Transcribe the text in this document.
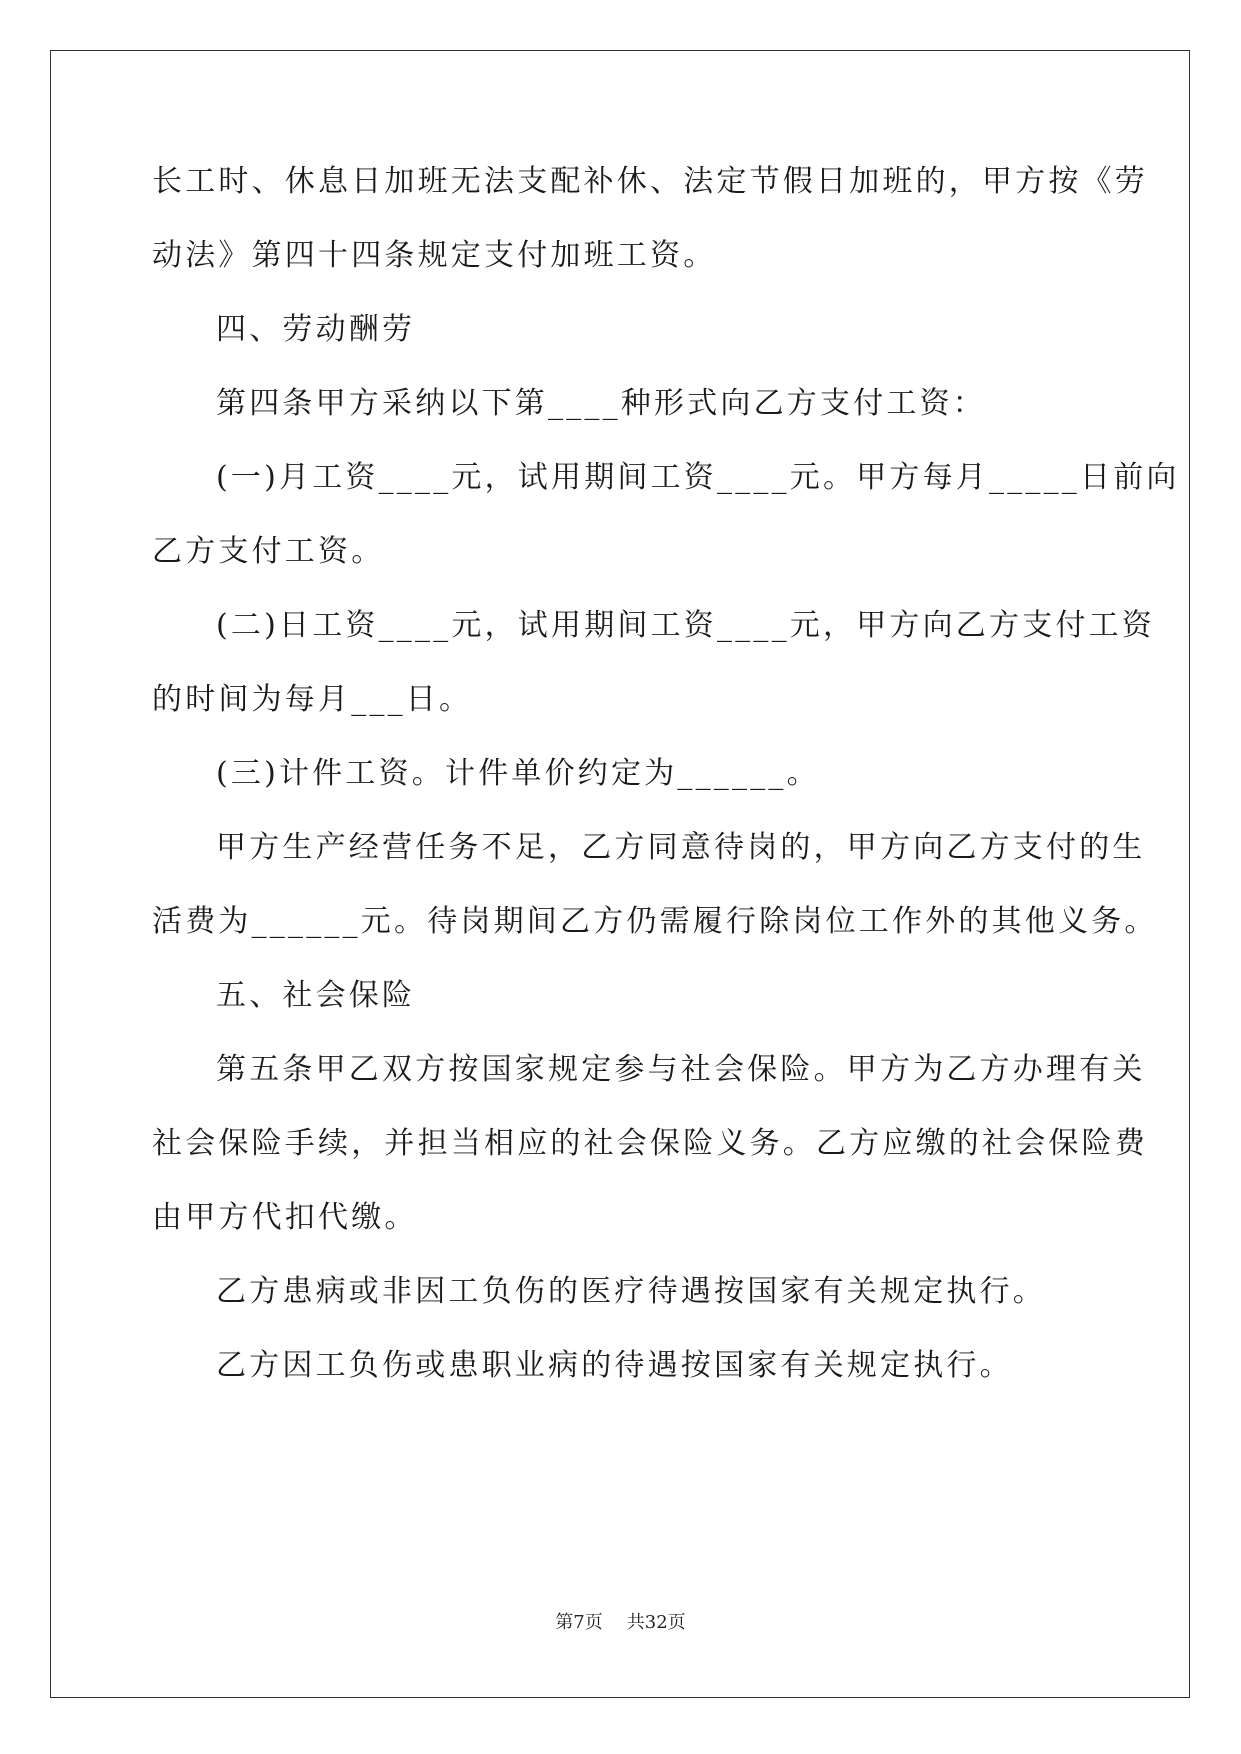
长工时、休息日加班无法支配补休、法定节假日加班的，甲方按《劳
动法》第四十四条规定支付加班工资。
四、劳动酬劳
第四条甲方采纳以下第____种形式向乙方支付工资：
(一)月工资____元，试用期间工资____元。甲方每月_____日前向
乙方支付工资。
(二)日工资____元，试用期间工资____元，甲方向乙方支付工资
的时间为每月___日。
(三)计件工资。计件单价约定为______。
甲方生产经营任务不足，乙方同意待岗的，甲方向乙方支付的生
活费为______元。待岗期间乙方仍需履行除岗位工作外的其他义务。
五、社会保险
第五条甲乙双方按国家规定参与社会保险。甲方为乙方办理有关
社会保险手续，并担当相应的社会保险义务。乙方应缴的社会保险费
由甲方代扣代缴。
乙方患病或非因工负伤的医疗待遇按国家有关规定执行。
乙方因工负伤或患职业病的待遇按国家有关规定执行。
第7页 共32页
